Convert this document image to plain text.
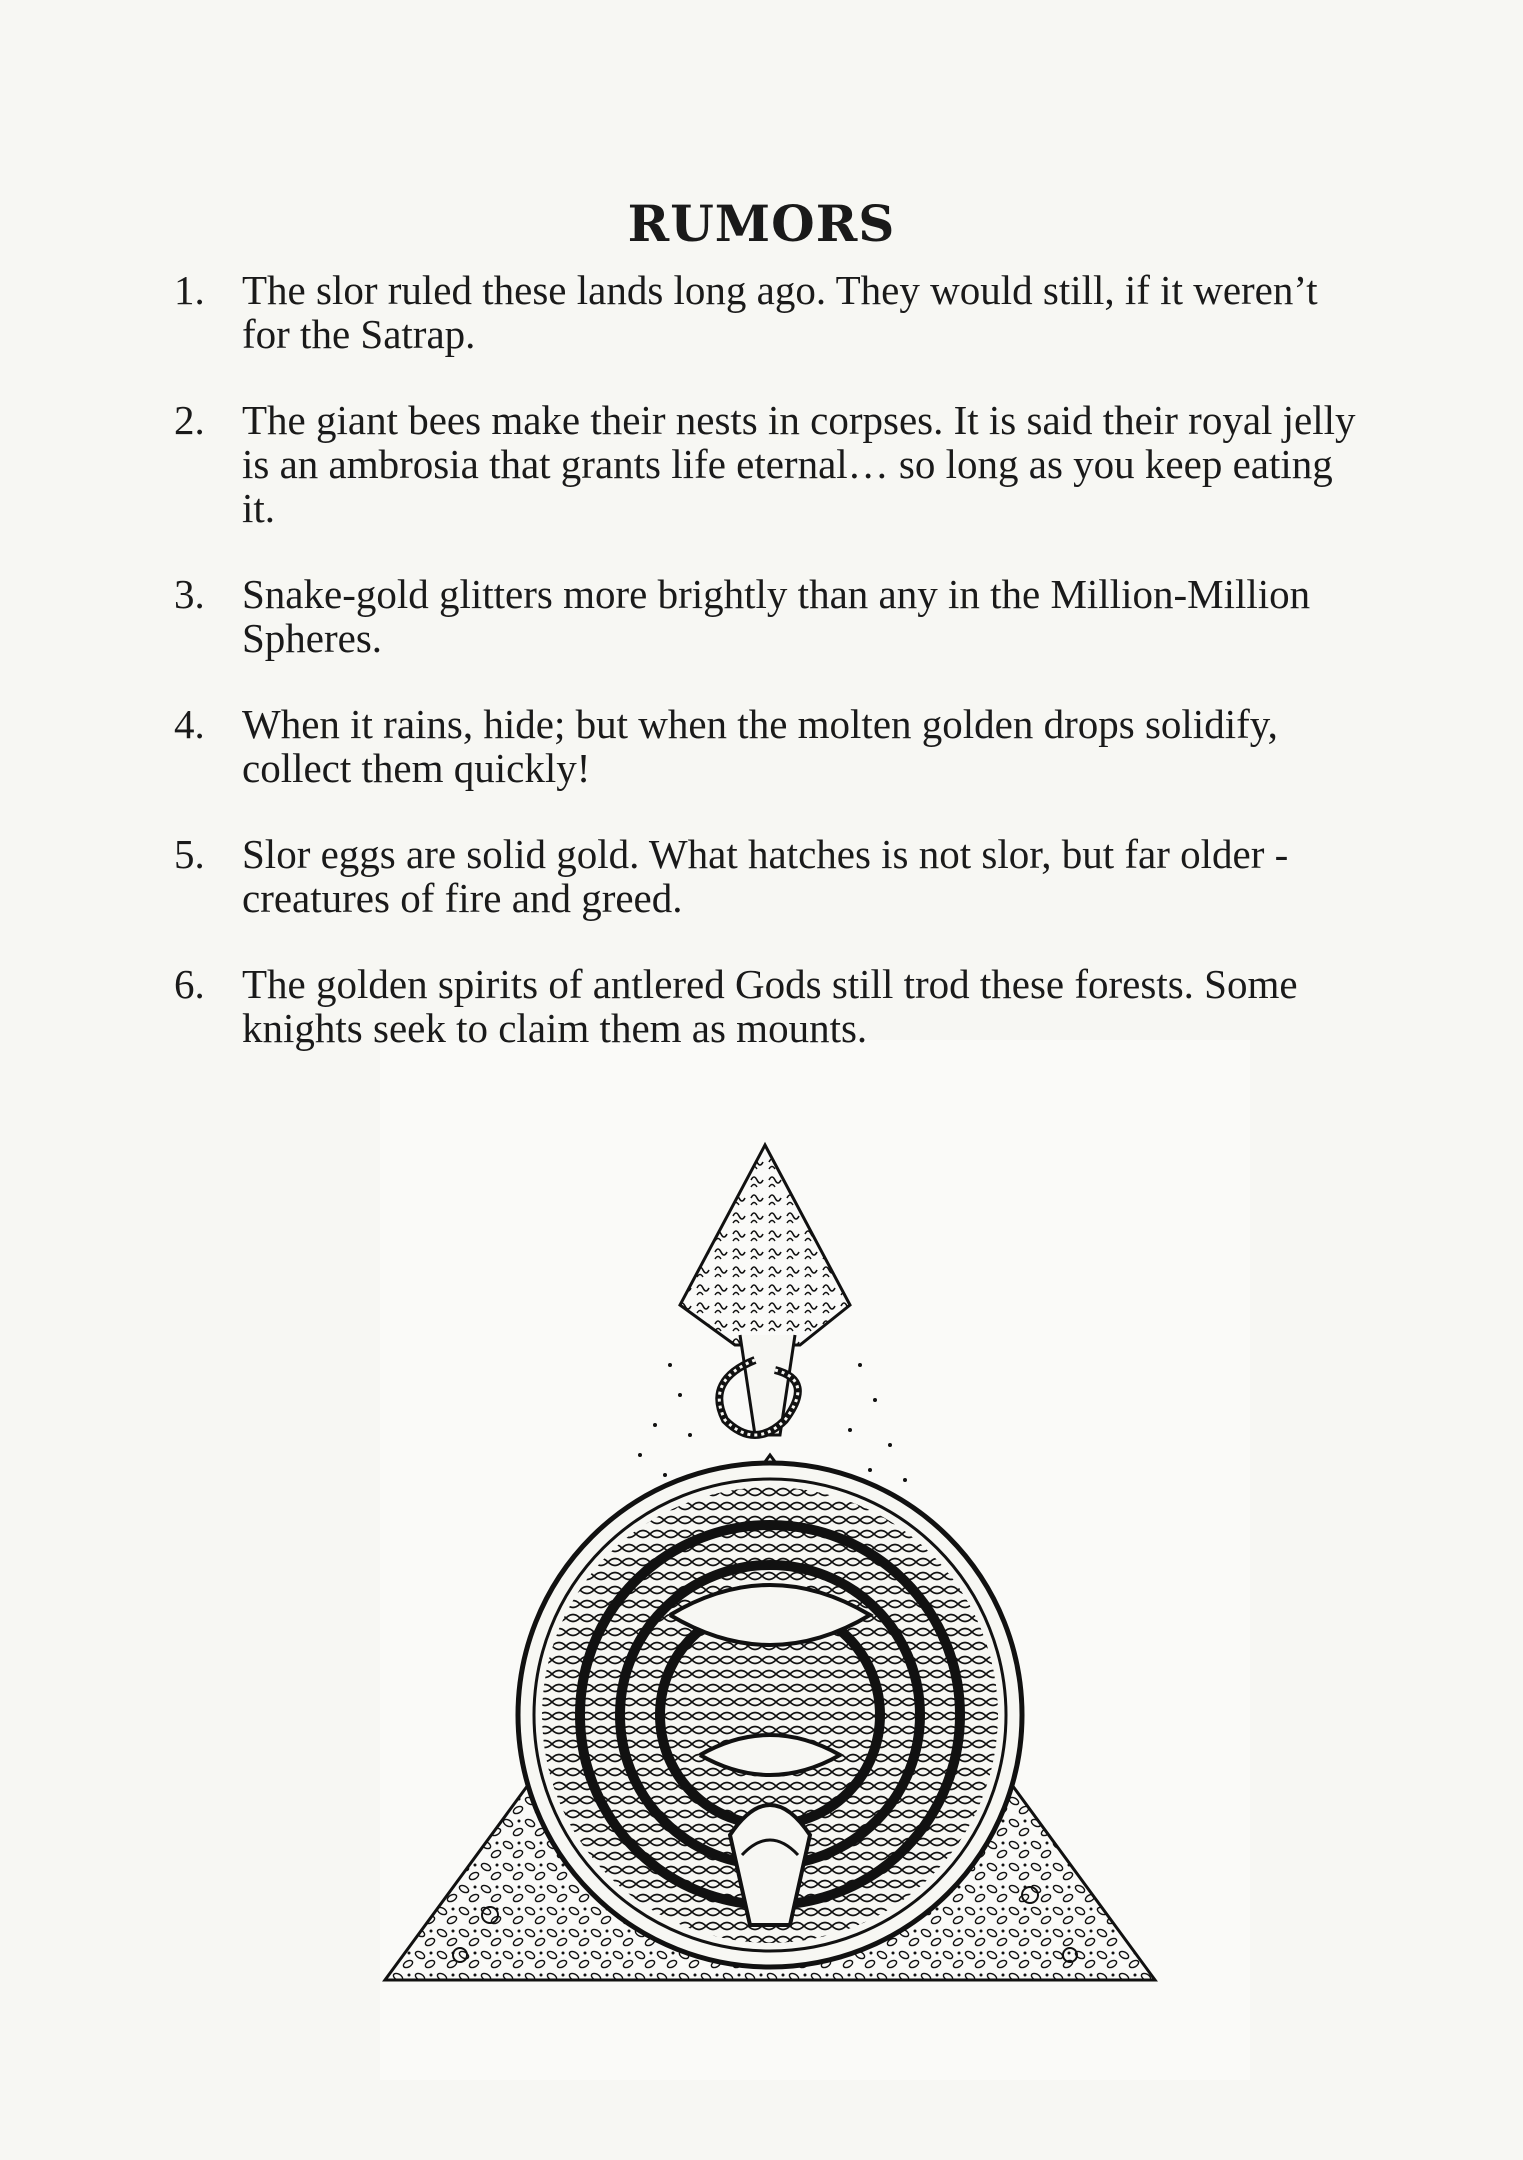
RUMORS
1. The slor ruled these lands long ago. They would still, if it weren’t for the Satrap.
2. The giant bees make their nests in corpses. It is said their royal jelly is an ambrosia that grants life eternal… so long as you keep eating it.
3. Snake-gold glitters more brightly than any in the Million-Million Spheres.
4. When it rains, hide; but when the molten golden drops solidify, collect them quickly!
5. Slor eggs are solid gold. What hatches is not slor, but far older - creatures of fire and greed.
6. The golden spirits of antlered Gods still trod these forests. Some knights seek to claim them as mounts.
